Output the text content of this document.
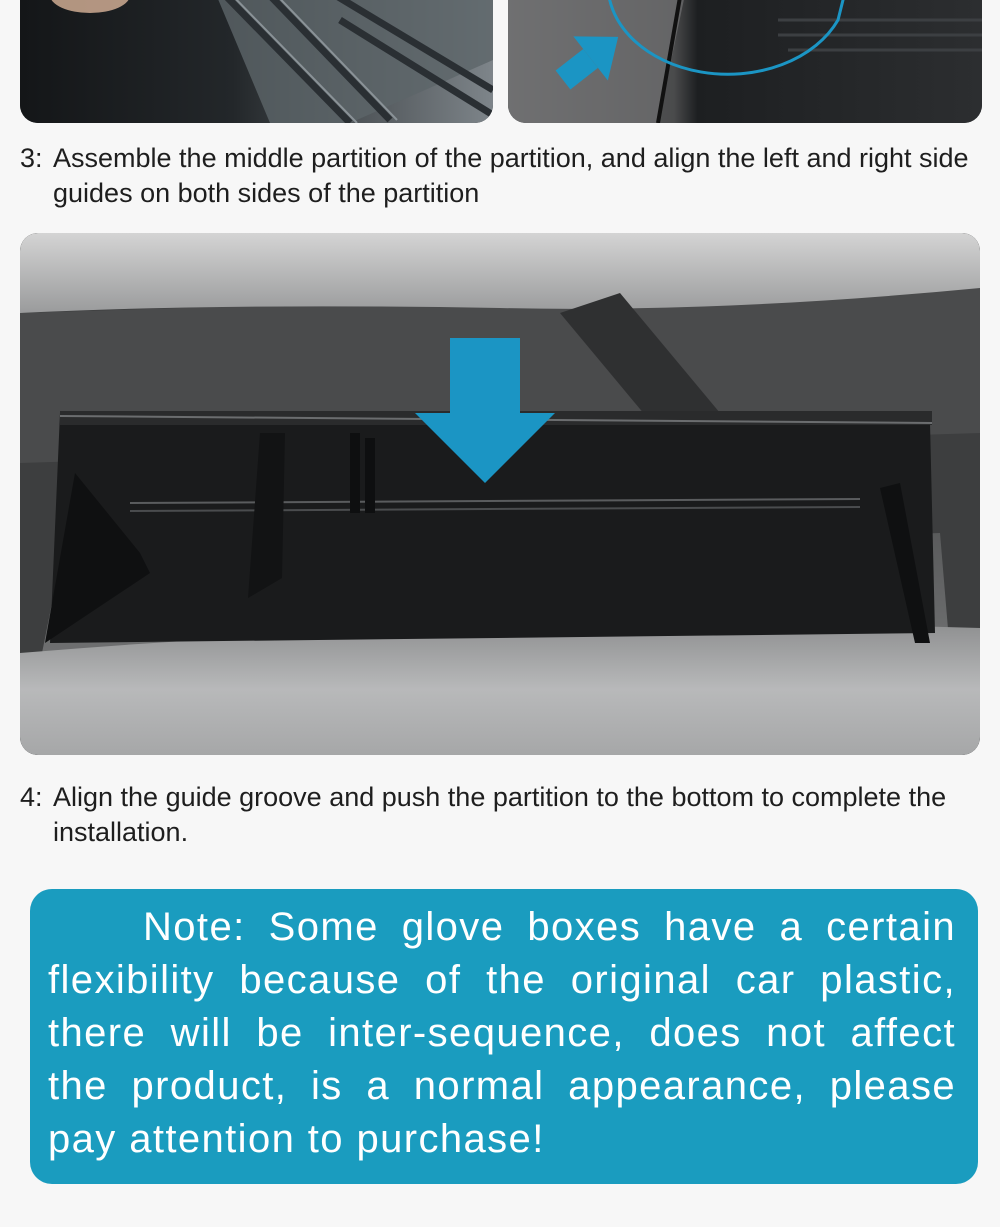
3: Assemble the middle partition of the partition, and align the left and right side guides on both sides of the partition
4: Align the guide groove and push the partition to the bottom to complete the installation.
Note: Some glove boxes have a certain flexibility because of the original car plastic, there will be inter-sequence, does not affect the product, is a normal appearance, please pay attention to purchase!
